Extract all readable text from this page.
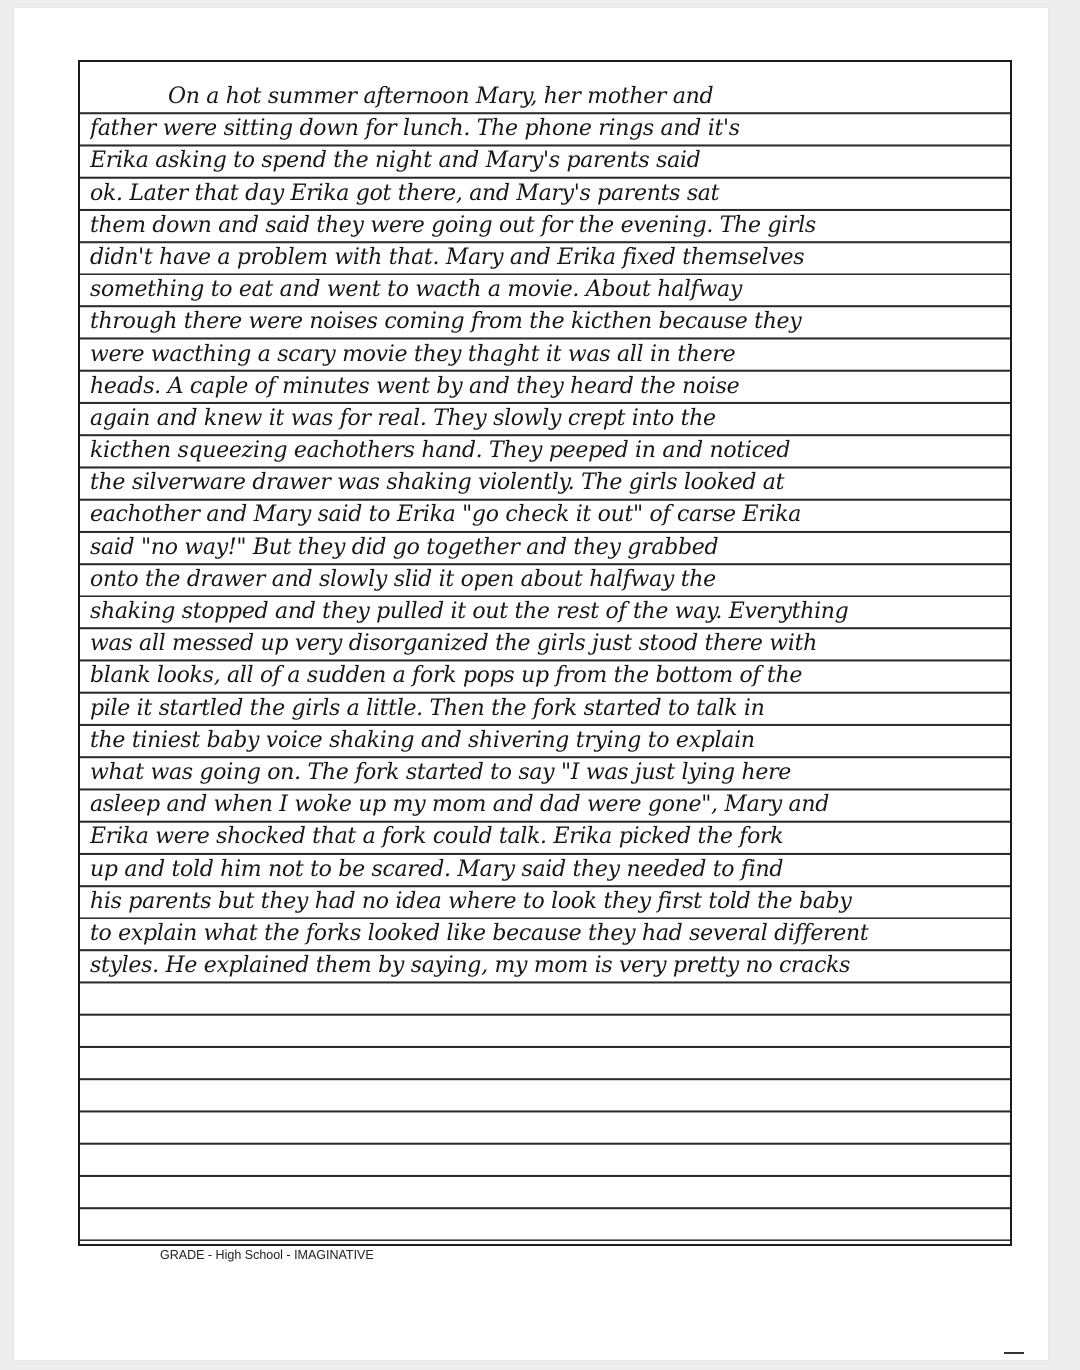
On a hot summer afternoon Mary, her mother and
father were sitting down for lunch. The phone rings and it's
Erika asking to spend the night and Mary's parents said
ok. Later that day Erika got there, and Mary's parents sat
them down and said they were going out for the evening. The girls
didn't have a problem with that. Mary and Erika fixed themselves
something to eat and went to wacth a movie. About halfway
through there were noises coming from the kicthen because they
were wacthing a scary movie they thaght it was all in there
heads. A caple of minutes went by and they heard the noise
again and knew it was for real. They slowly crept into the
kicthen squeezing eachothers hand. They peeped in and noticed
the silverware drawer was shaking violently. The girls looked at
eachother and Mary said to Erika "go check it out" of carse Erika
said "no way!" But they did go together and they grabbed
onto the drawer and slowly slid it open about halfway the
shaking stopped and they pulled it out the rest of the way. Everything
was all messed up very disorganized the girls just stood there with
blank looks, all of a sudden a fork pops up from the bottom of the
pile it startled the girls a little. Then the fork started to talk in
the tiniest baby voice shaking and shivering trying to explain
what was going on. The fork started to say "I was just lying here
asleep and when I woke up my mom and dad were gone", Mary and
Erika were shocked that a fork could talk. Erika picked the fork
up and told him not to be scared. Mary said they needed to find
his parents but they had no idea where to look they first told the baby
to explain what the forks looked like because they had several different
styles. He explained them by saying, my mom is very pretty no cracks
GRADE - High School - IMAGINATIVE
